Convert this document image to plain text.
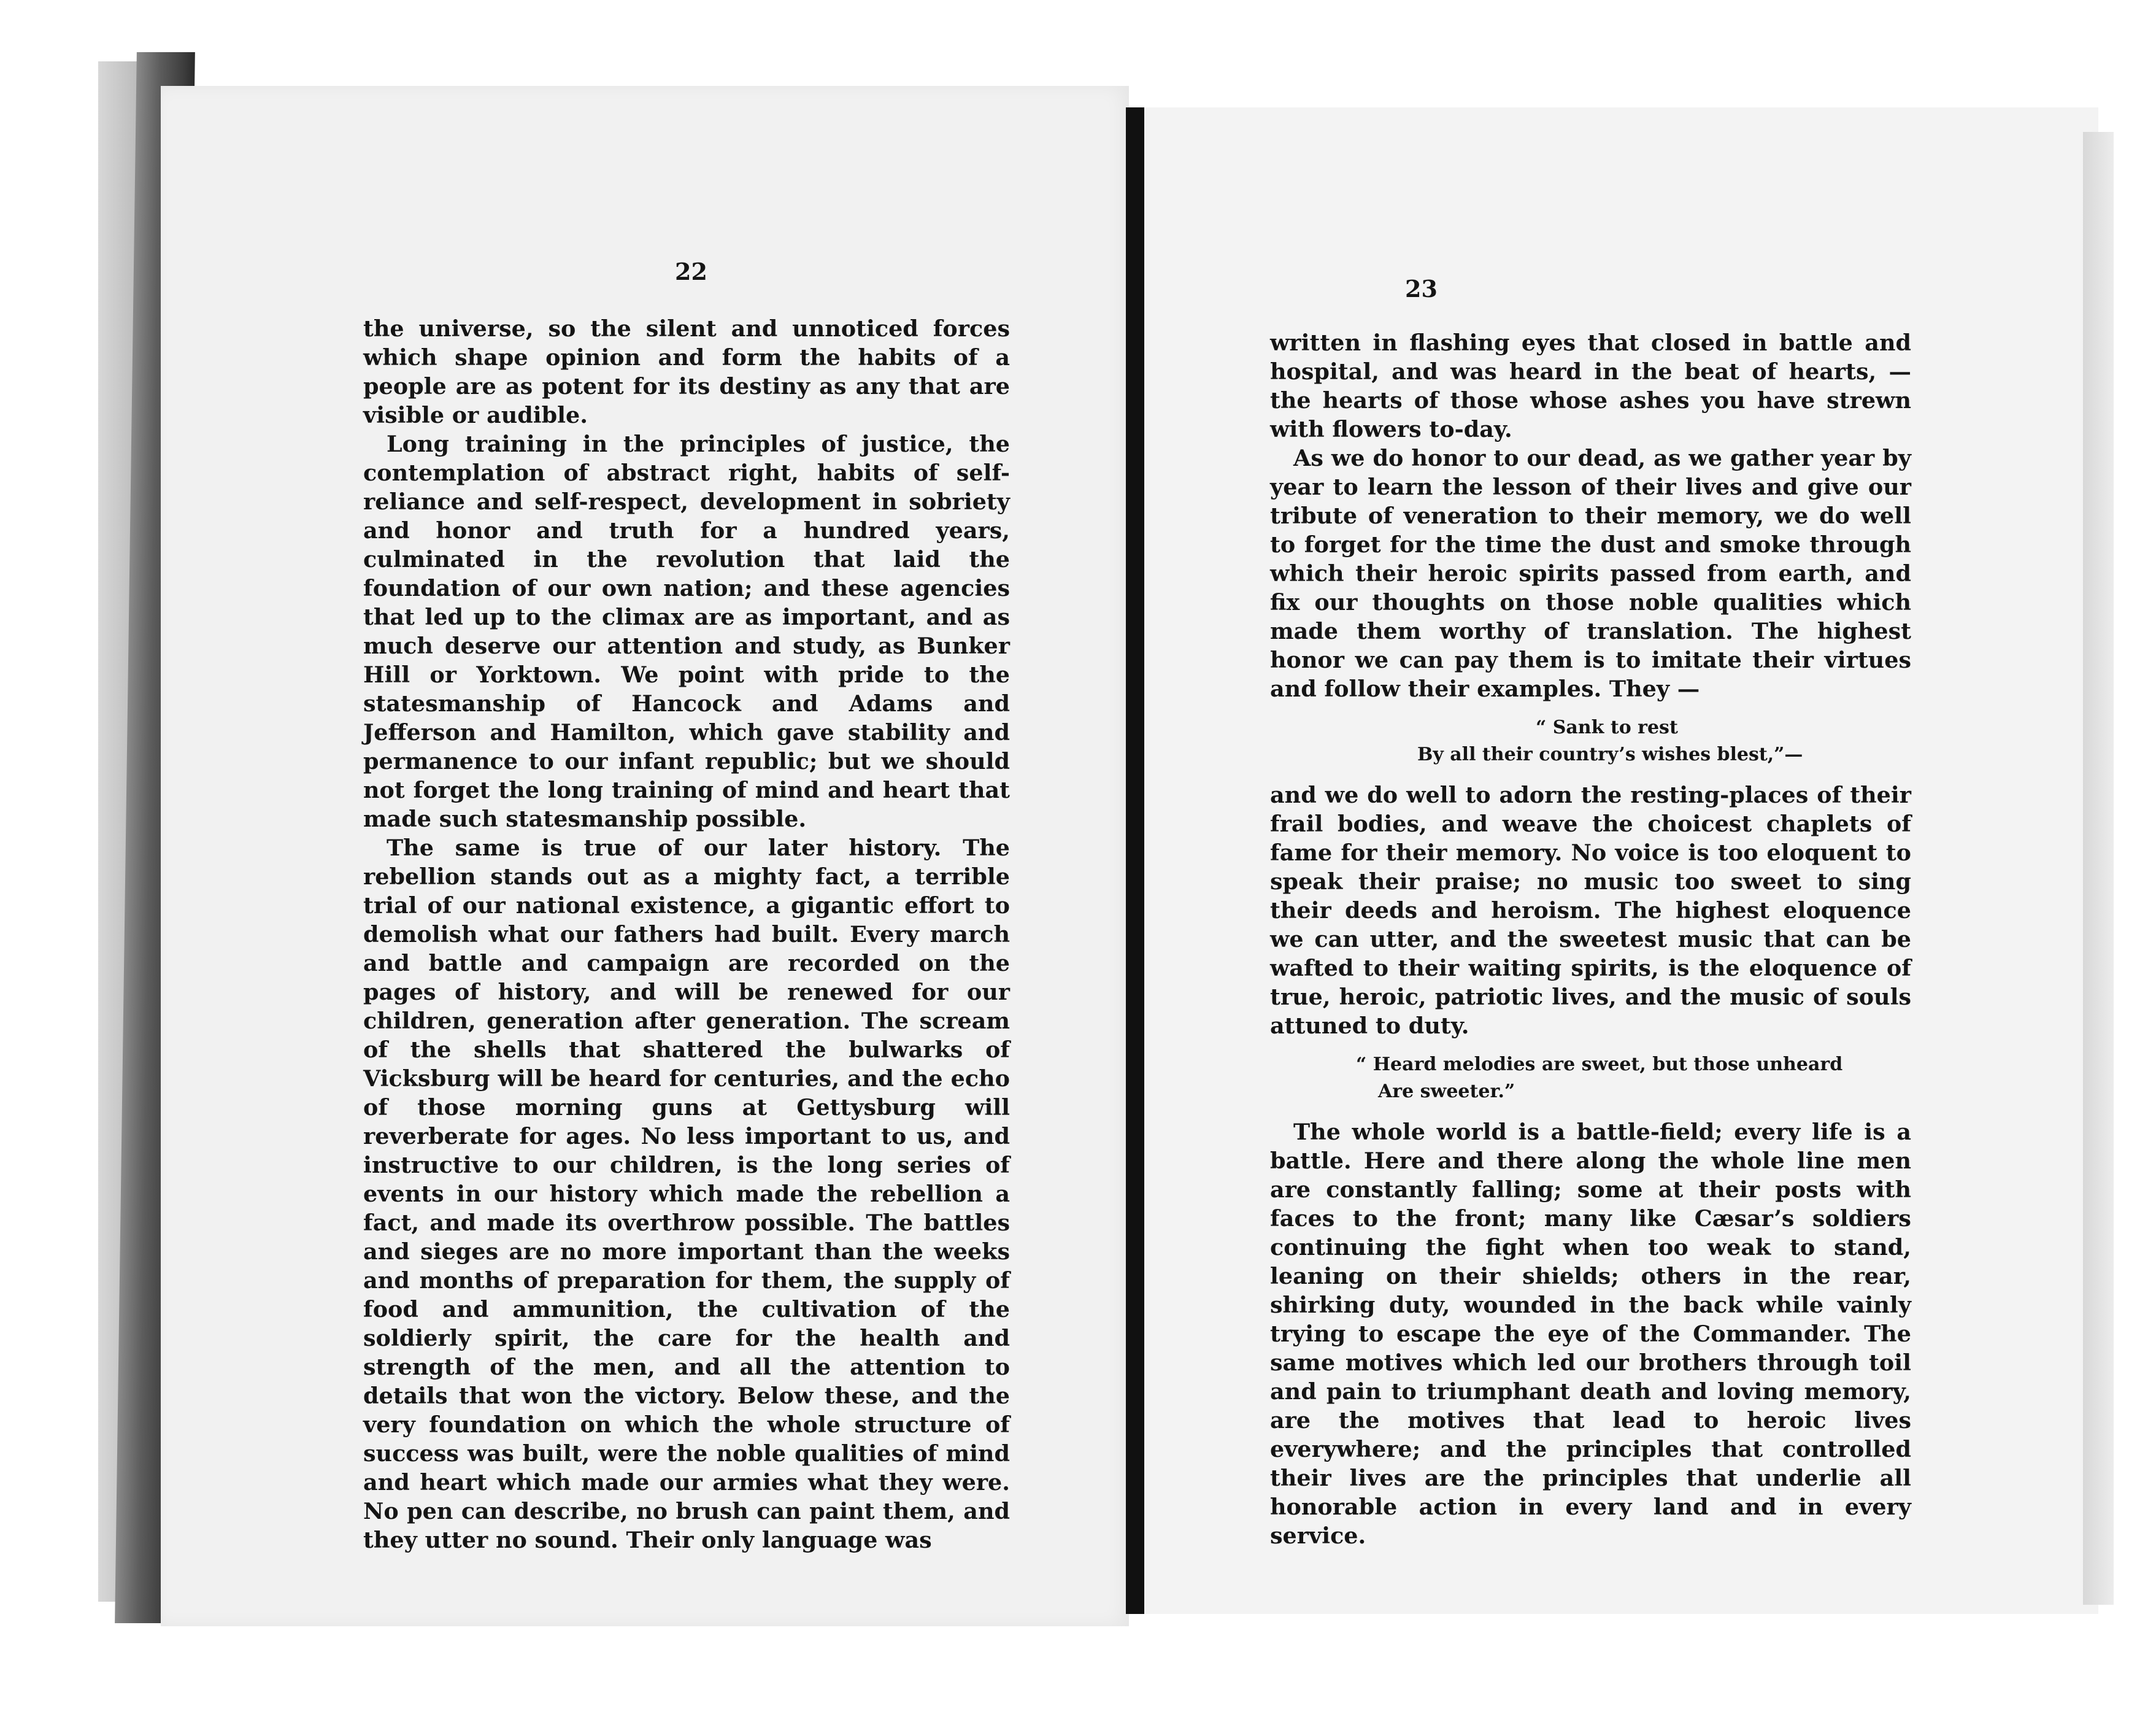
22

the universe, so the silent and unnoticed forces which shape opinion and form the habits of a people are as potent for its destiny as any that are visible or audible.

Long training in the principles of justice, the contemplation of abstract right, habits of self-reliance and self-respect, development in sobriety and honor and truth for a hundred years, culminated in the revolution that laid the foundation of our own nation; and these agencies that led up to the climax are as important, and as much deserve our attention and study, as Bunker Hill or Yorktown. We point with pride to the statesmanship of Hancock and Adams and Jefferson and Hamilton, which gave stability and permanence to our infant republic; but we should not forget the long training of mind and heart that made such statesmanship possible.

The same is true of our later history. The rebellion stands out as a mighty fact, a terrible trial of our national existence, a gigantic effort to demolish what our fathers had built. Every march and battle and campaign are recorded on the pages of history, and will be renewed for our children, generation after generation. The scream of the shells that shattered the bulwarks of Vicksburg will be heard for centuries, and the echo of those morning guns at Gettysburg will reverberate for ages. No less important to us, and instructive to our children, is the long series of events in our history which made the rebellion a fact, and made its overthrow possible. The battles and sieges are no more important than the weeks and months of preparation for them, the supply of food and ammunition, the cultivation of the soldierly spirit, the care for the health and strength of the men, and all the attention to details that won the victory. Below these, and the very foundation on which the whole structure of success was built, were the noble qualities of mind and heart which made our armies what they were. No pen can describe, no brush can paint them, and they utter no sound. Their only language was

23

written in flashing eyes that closed in battle and hospital, and was heard in the beat of hearts, — the hearts of those whose ashes you have strewn with flowers to-day.

As we do honor to our dead, as we gather year by year to learn the lesson of their lives and give our tribute of veneration to their memory, we do well to forget for the time the dust and smoke through which their heroic spirits passed from earth, and fix our thoughts on those noble qualities which made them worthy of translation. The highest honor we can pay them is to imitate their virtues and follow their examples. They —

“ Sank to rest
By all their country’s wishes blest,”—

and we do well to adorn the resting-places of their frail bodies, and weave the choicest chaplets of fame for their memory. No voice is too eloquent to speak their praise; no music too sweet to sing their deeds and heroism. The highest eloquence we can utter, and the sweetest music that can be wafted to their waiting spirits, is the eloquence of true, heroic, patriotic lives, and the music of souls attuned to duty.

“ Heard melodies are sweet, but those unheard
Are sweeter.”

The whole world is a battle-field; every life is a battle. Here and there along the whole line men are constantly falling; some at their posts with faces to the front; many like Cæsar’s soldiers continuing the fight when too weak to stand, leaning on their shields; others in the rear, shirking duty, wounded in the back while vainly trying to escape the eye of the Commander. The same motives which led our brothers through toil and pain to triumphant death and loving memory, are the motives that lead to heroic lives everywhere; and the principles that controlled their lives are the principles that underlie all honorable action in every land and in every service.
